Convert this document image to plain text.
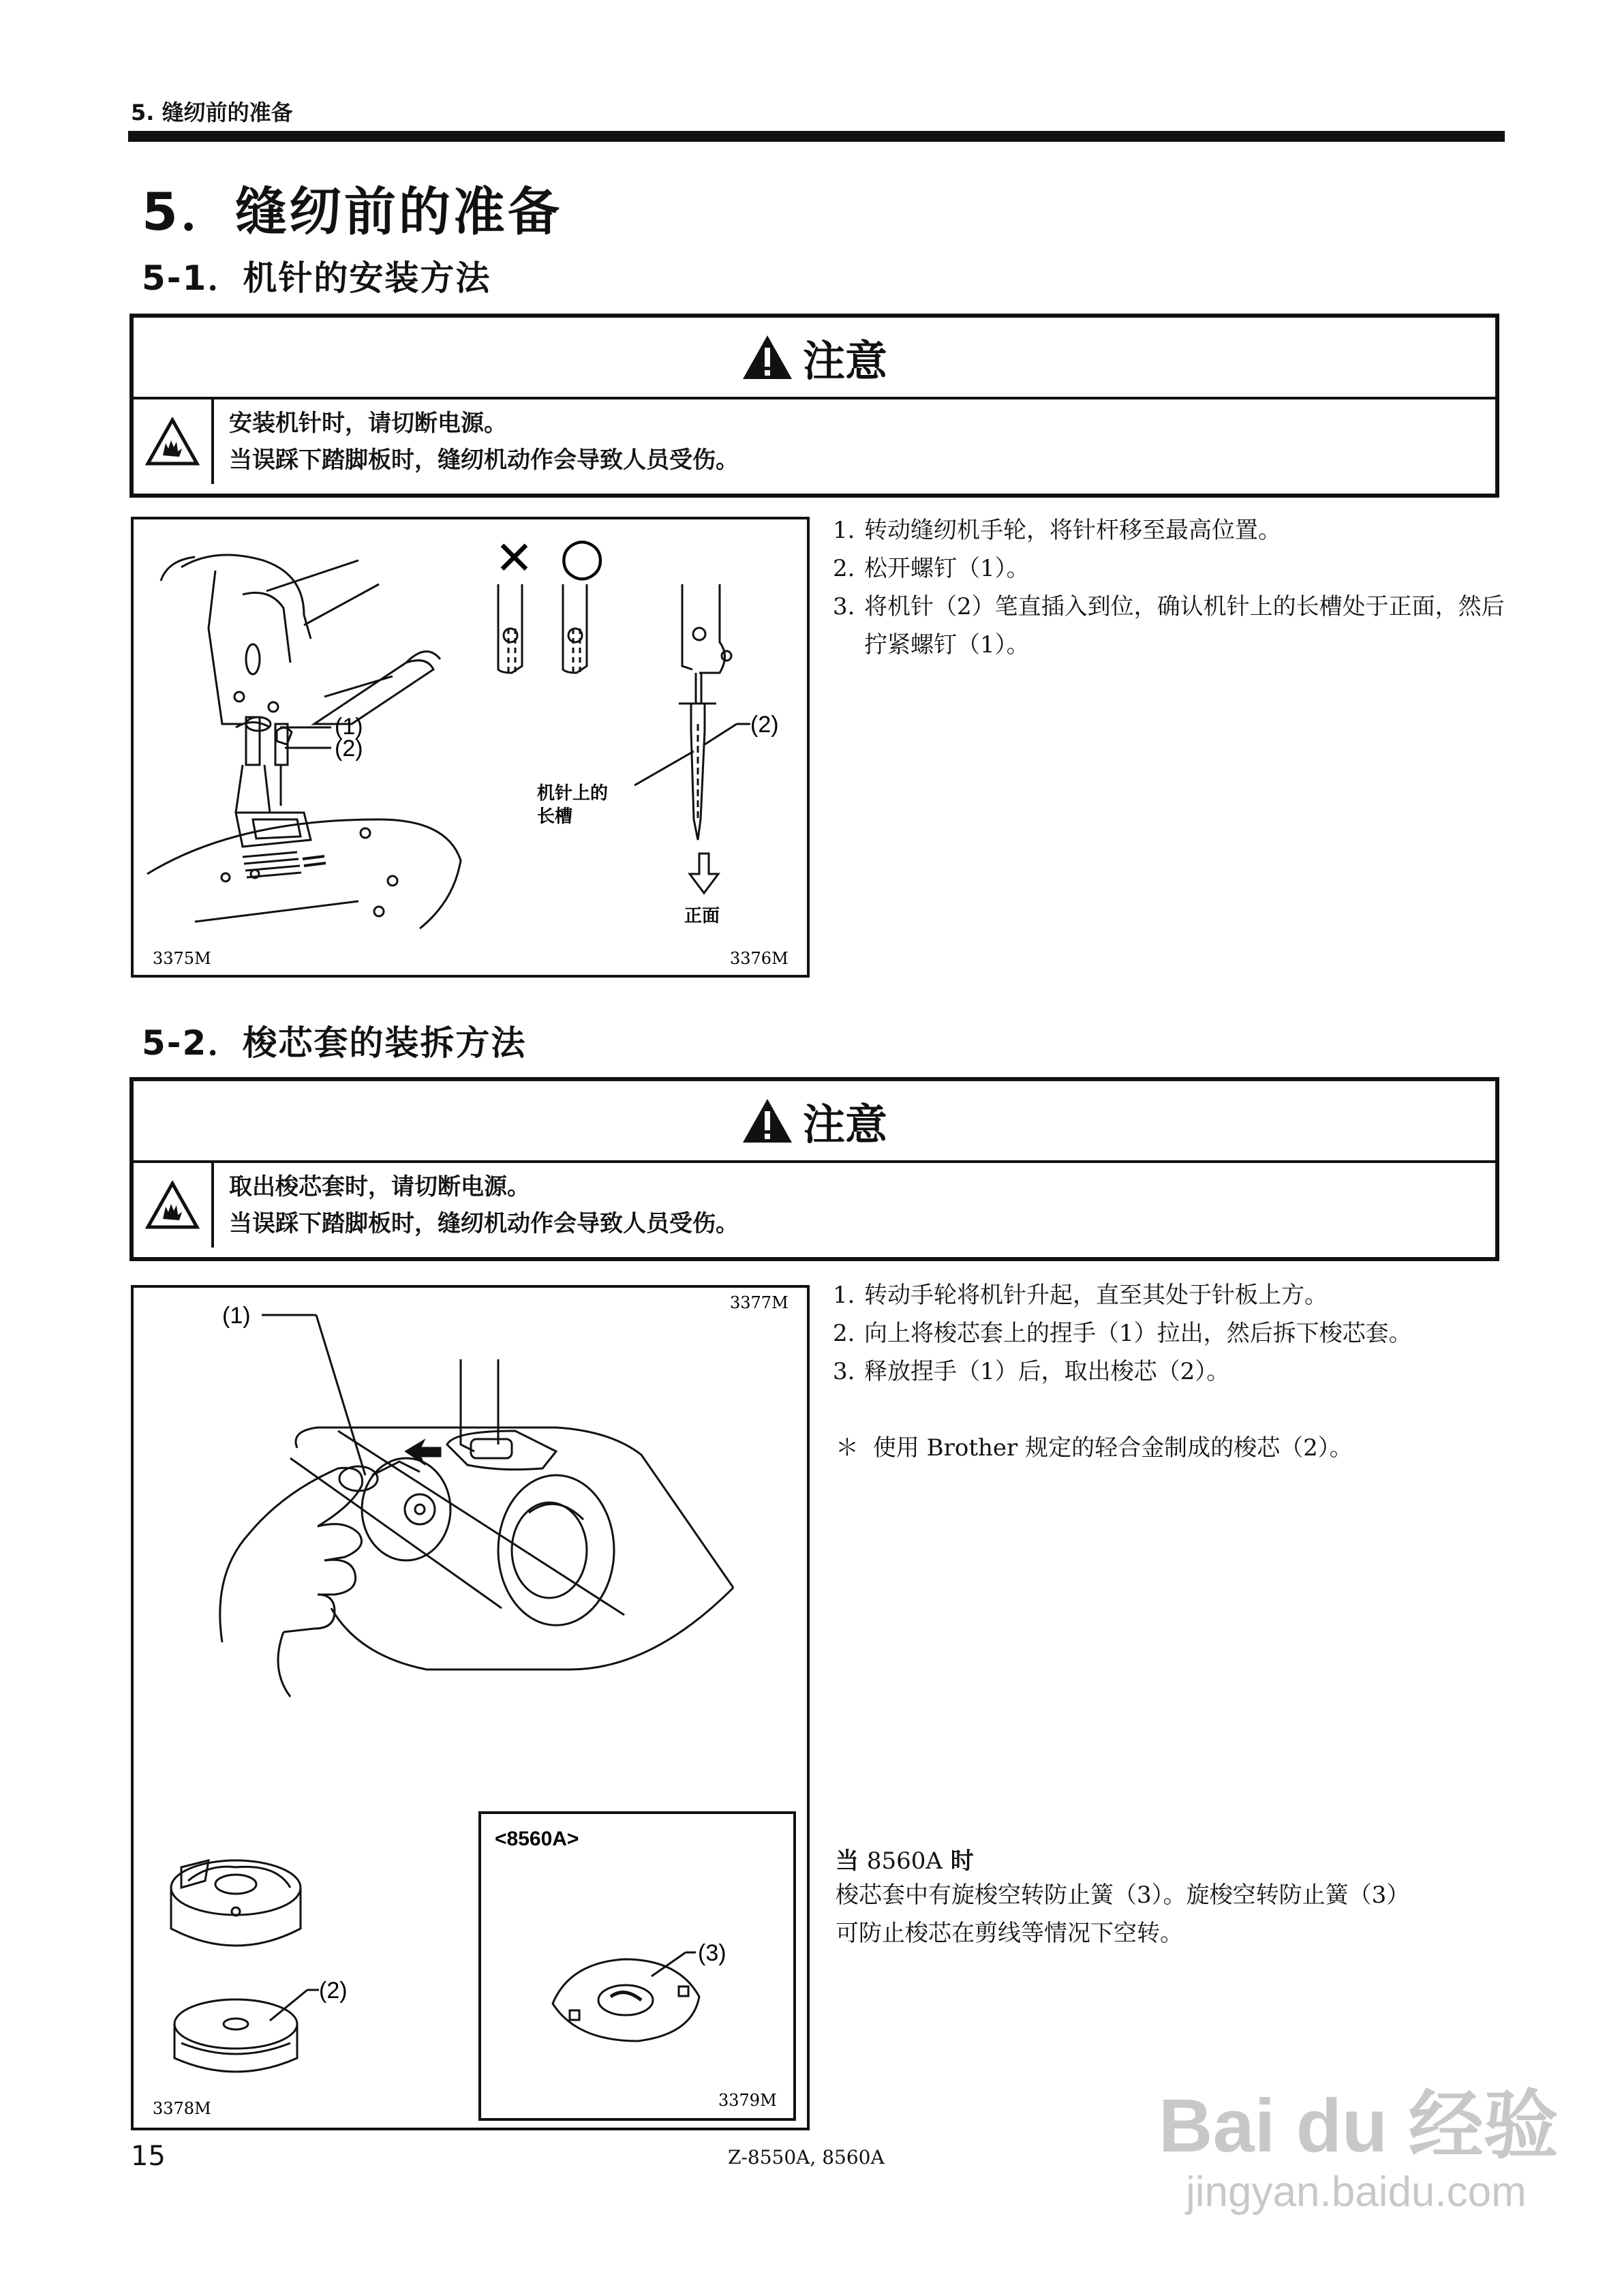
5. 缝纫前的准备
5．缝纫前的准备
5-1．机针的安装方法
注意
安装机针时，请切断电源。
当误踩下踏脚板时，缝纫机动作会导致人员受伤。
✕ ○
(1)
(2)
(2)
机针上的
长槽
正面
3375M	3376M
1. 转动缝纫机手轮，将针杆移至最高位置。
2. 松开螺钉（1）。
3. 将机针（2）笔直插入到位，确认机针上的长槽处于正面，然后拧紧螺钉（1）。
5-2．梭芯套的装拆方法
注意
取出梭芯套时，请切断电源。
当误踩下踏脚板时，缝纫机动作会导致人员受伤。
(1)	3377M
(2)
3378M
<8560A>
(3)
3379M
1. 转动手轮将机针升起，直至其处于针板上方。
2. 向上将梭芯套上的捏手（1）拉出，然后拆下梭芯套。
3. 释放捏手（1）后，取出梭芯（2）。
＊ 使用 Brother 规定的轻合金制成的梭芯（2）。
当 8560A 时
梭芯套中有旋梭空转防止簧（3）。旋梭空转防止簧（3）
可防止梭芯在剪线等情况下空转。
15	Z-8550A, 8560A	Bai du 经验
jingyan.baidu.com
